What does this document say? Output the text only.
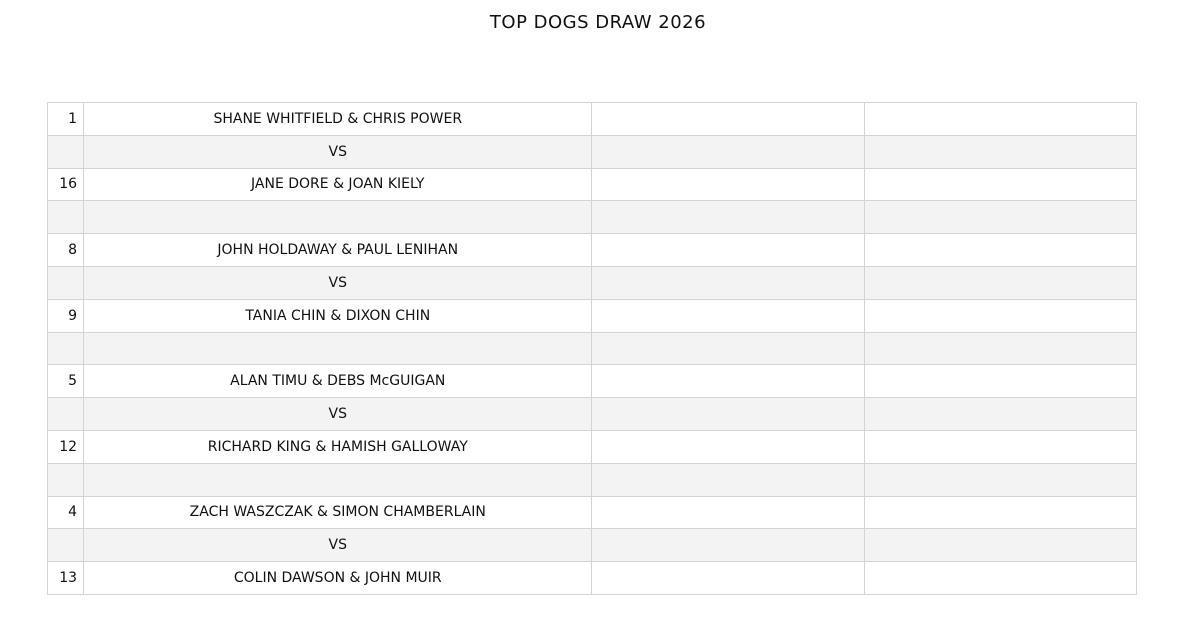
TOP DOGS DRAW 2026
1	SHANE WHITFIELD & CHRIS POWER		
	VS		
16	JANE DORE & JOAN KIELY		

8	JOHN HOLDAWAY & PAUL LENIHAN		
	VS		
9	TANIA CHIN & DIXON CHIN		

5	ALAN TIMU & DEBS McGUIGAN		
	VS		
12	RICHARD KING & HAMISH GALLOWAY		

4	ZACH WASZCZAK & SIMON CHAMBERLAIN		
	VS		
13	COLIN DAWSON & JOHN MUIR		
